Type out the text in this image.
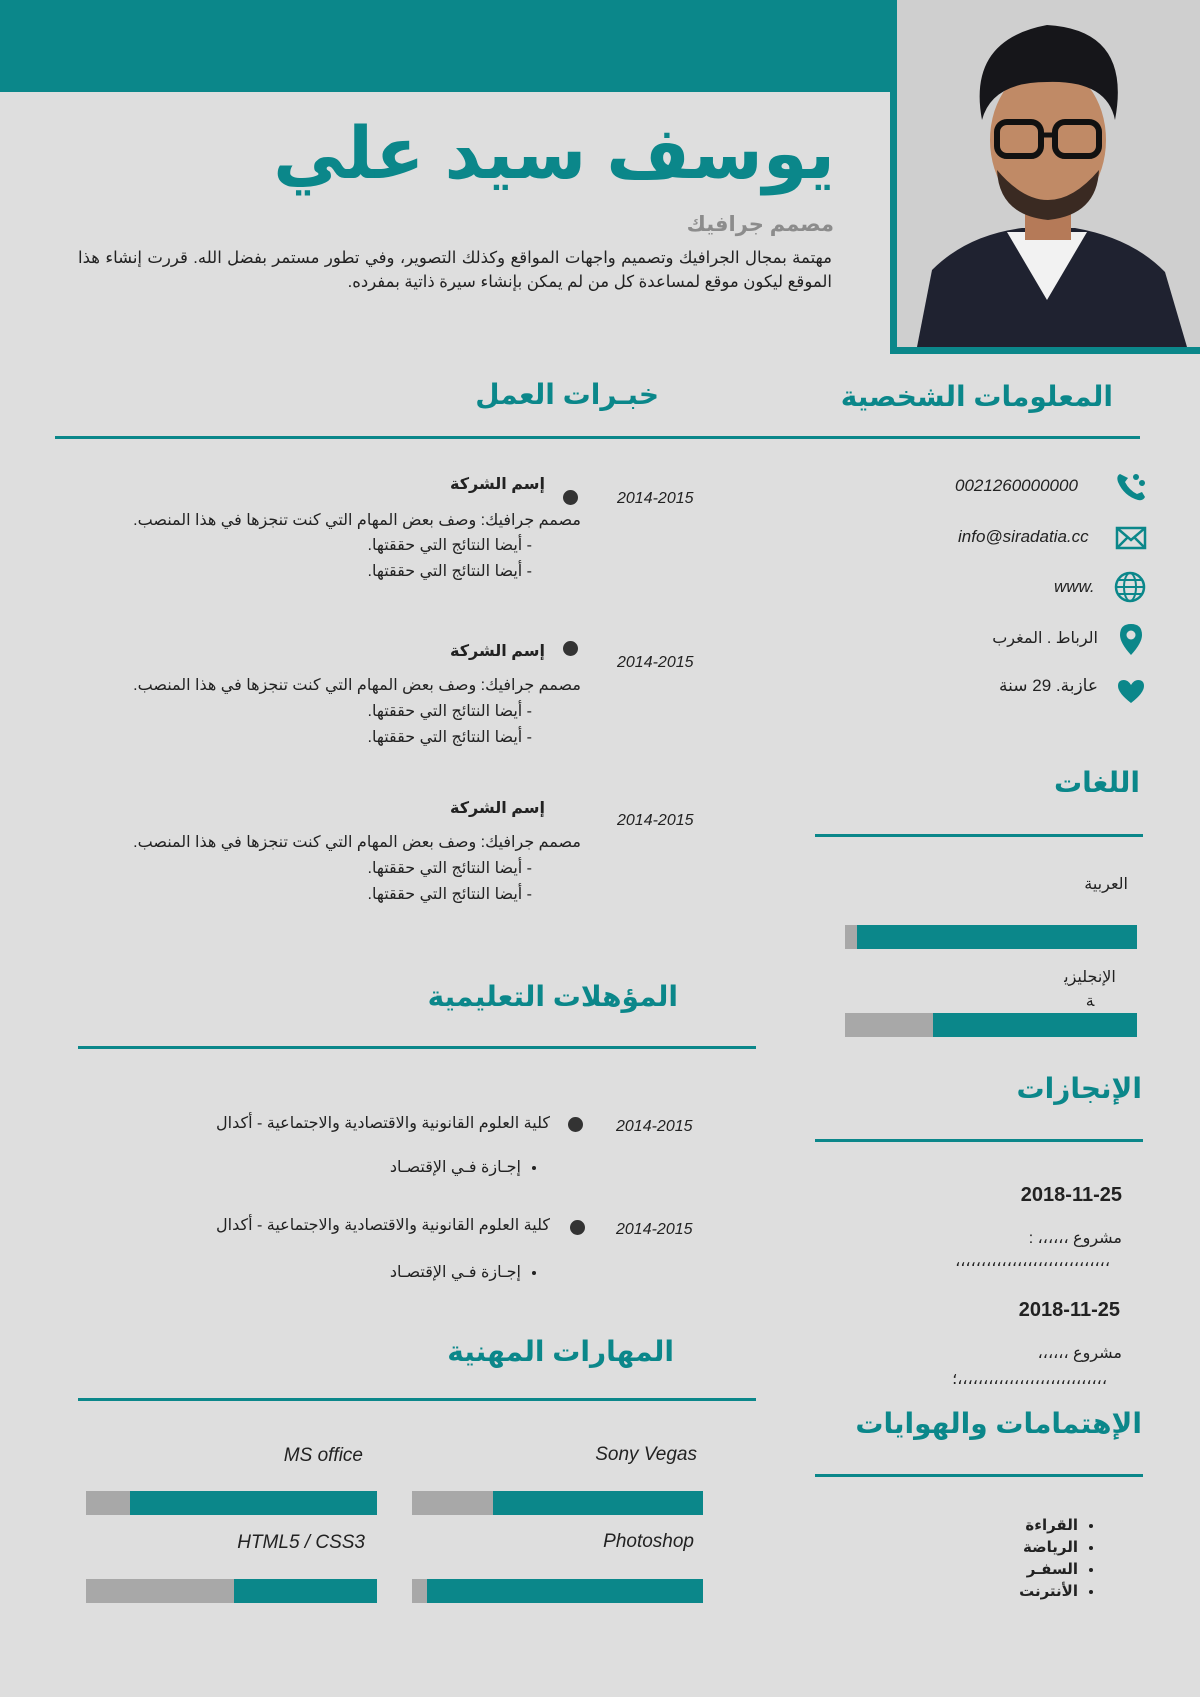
يوسف سيد علي
مصمم جرافيك
مهتمة بمجال الجرافيك وتصميم واجهات المواقع وكذلك التصوير، وفي تطور مستمر بفضل الله. قررت إنشاء هذا الموقع ليكون موقع لمساعدة كل من لم يمكن بإنشاء سيرة ذاتية بمفرده.
المعلومات الشخصية
خبـرات العمل
0021260000000
info@siradatia.cc
www.
الرباط . المغرب
عازبة. 29 سنة
2014-2015
إسم الشركة
مصمم جرافيك: وصف بعض المهام التي كنت تنجزها في هذا المنصب.
- أيضا النتائج التي حققتها.
- أيضا النتائج التي حققتها.
2014-2015
إسم الشركة
مصمم جرافيك: وصف بعض المهام التي كنت تنجزها في هذا المنصب.
- أيضا النتائج التي حققتها.
- أيضا النتائج التي حققتها.
2014-2015
إسم الشركة
مصمم جرافيك: وصف بعض المهام التي كنت تنجزها في هذا المنصب.
- أيضا النتائج التي حققتها.
- أيضا النتائج التي حققتها.
اللغات
العربية
الإنجليزية
المؤهلات التعليمية
2014-2015
كلية العلوم القانونية والاقتصادية والاجتماعية - أكدال
• إجـازة فـي الإقتصـاد
2014-2015
كلية العلوم القانونية والاقتصادية والاجتماعية - أكدال
• إجـازة فـي الإقتصـاد
الإنجازات
2018-11-25
مشروع ،،،،،، :
،،،،،،،،،،،،،،،،،،،،،،،،،،،،،،
2018-11-25
مشروع ،،،،،،
،،،،،،،،،،،،،،،،،،،،،،،،،،،،،؛
المهارات المهنية
Sony Vegas
MS office
Photoshop
HTML5 / CSS3
الإهتمامات والهوايات
• القراءة
• الرياضة
• السفـر
• الأنترنت
